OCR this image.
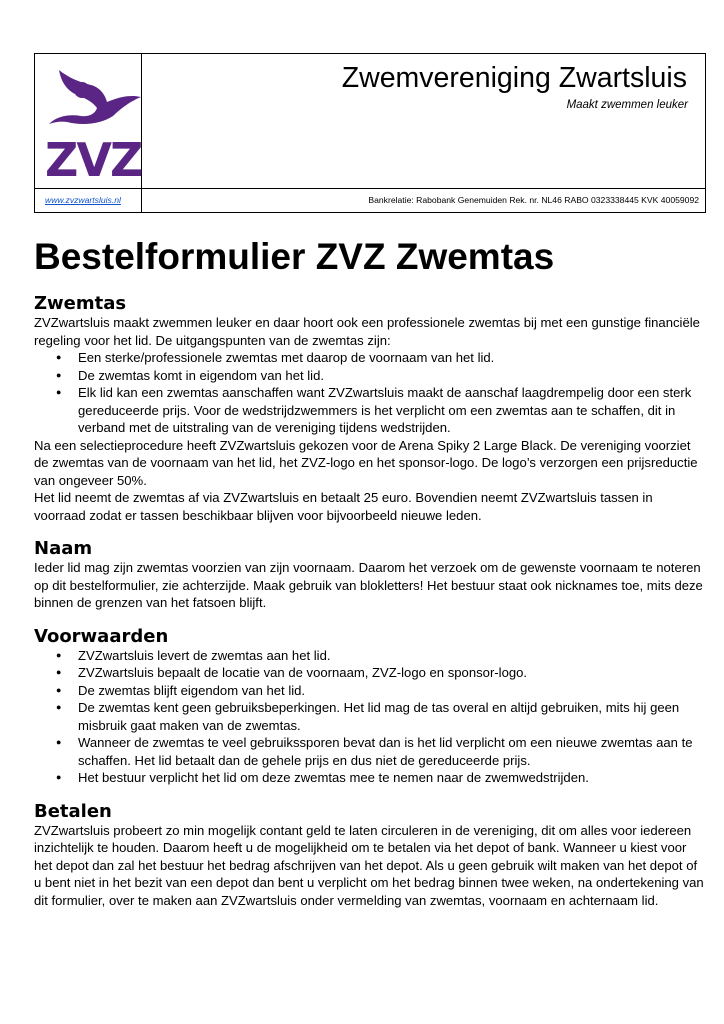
ZVZ
Zwemvereniging Zwartsluis
Maakt zwemmen leuker
www.zvzwartsluis.nl	Bankrelatie: Rabobank Genemuiden Rek. nr. NL46 RABO 0323338445 KVK 40059092
Bestelformulier ZVZ Zwemtas
Zwemtas

ZVZwartsluis maakt zwemmen leuker en daar hoort ook een professionele zwemtas bij met een gunstige financiële regeling voor het lid. De uitgangspunten van de zwemtas zijn:

● Een sterke/professionele zwemtas met daarop de voornaam van het lid.
● De zwemtas komt in eigendom van het lid.
● Elk lid kan een zwemtas aanschaffen want ZVZwartsluis maakt de aanschaf laagdrempelig door een sterk gereduceerde prijs. Voor de wedstrijdzwemmers is het verplicht om een zwemtas aan te schaffen, dit in verband met de uitstraling van de vereniging tijdens wedstrijden.

Na een selectieprocedure heeft ZVZwartsluis gekozen voor de Arena Spiky 2 Large Black. De vereniging voorziet de zwemtas van de voornaam van het lid, het ZVZ-logo en het sponsor-logo. De logo’s verzorgen een prijsreductie van ongeveer 50%.

Het lid neemt de zwemtas af via ZVZwartsluis en betaalt 25 euro. Bovendien neemt ZVZwartsluis tassen in voorraad zodat er tassen beschikbaar blijven voor bijvoorbeeld nieuwe leden.

Naam

Ieder lid mag zijn zwemtas voorzien van zijn voornaam. Daarom het verzoek om de gewenste voornaam te noteren op dit bestelformulier, zie achterzijde. Maak gebruik van blokletters! Het bestuur staat ook nicknames toe, mits deze binnen de grenzen van het fatsoen blijft.

Voorwaarden
● ZVZwartsluis levert de zwemtas aan het lid.
● ZVZwartsluis bepaalt de locatie van de voornaam, ZVZ-logo en sponsor-logo.
● De zwemtas blijft eigendom van het lid.
● De zwemtas kent geen gebruiksbeperkingen. Het lid mag de tas overal en altijd gebruiken, mits hij geen misbruik gaat maken van de zwemtas.
● Wanneer de zwemtas te veel gebruikssporen bevat dan is het lid verplicht om een nieuwe zwemtas aan te schaffen. Het lid betaalt dan de gehele prijs en dus niet de gereduceerde prijs.
● Het bestuur verplicht het lid om deze zwemtas mee te nemen naar de zwemwedstrijden.
Betalen

ZVZwartsluis probeert zo min mogelijk contant geld te laten circuleren in de vereniging, dit om alles voor iedereen inzichtelijk te houden. Daarom heeft u de mogelijkheid om te betalen via het depot of bank. Wanneer u kiest voor het depot dan zal het bestuur het bedrag afschrijven van het depot. Als u geen gebruik wilt maken van het depot of u bent niet in het bezit van een depot dan bent u verplicht om het bedrag binnen twee weken, na ondertekening van dit formulier, over te maken aan ZVZwartsluis onder vermelding van zwemtas, voornaam en achternaam lid.
